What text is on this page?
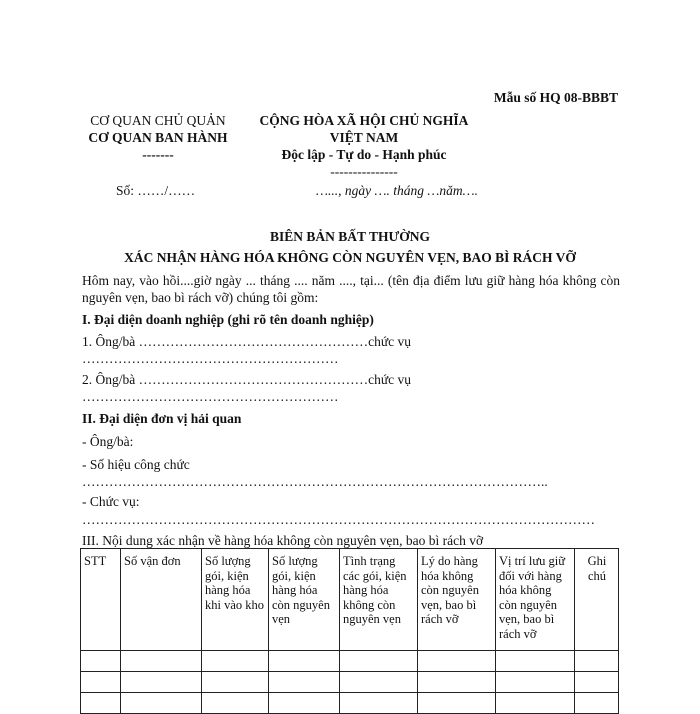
Mẫu số HQ 08-BBBT
CƠ QUAN CHỦ QUẢN
CƠ QUAN BAN HÀNH
-------
CỘNG HÒA XÃ HỘI CHỦ NGHĨA
VIỆT NAM
Độc lập - Tự do - Hạnh phúc
---------------
Số: ……/……	…..., ngày …. tháng …năm….
BIÊN BẢN BẤT THƯỜNG
XÁC NHẬN HÀNG HÓA KHÔNG CÒN NGUYÊN VẸN, BAO BÌ RÁCH VỠ
Hôm nay, vào hồi....giờ ngày ... tháng .... năm ...., tại... (tên địa điểm lưu giữ hàng hóa không còn nguyên vẹn, bao bì rách vỡ) chúng tôi gồm:
I. Đại diện doanh nghiệp (ghi rõ tên doanh nghiệp)
1. Ông/bà ……………………………………………chức vụ
…………………………………………………
2. Ông/bà ……………………………………………chức vụ
…………………………………………………
II. Đại diện đơn vị hải quan
- Ông/bà:
- Số hiệu công chức
…………………………………………………………………………………………..
- Chức vụ:
……………………………………………………………………………………………………
III. Nội dung xác nhận về hàng hóa không còn nguyên vẹn, bao bì rách vỡ
STT	Số vận đơn	Số lượng gói, kiện hàng hóa khi vào kho	Số lượng gói, kiện hàng hóa còn nguyên vẹn	Tình trạng các gói, kiện hàng hóa không còn nguyên vẹn	Lý do hàng hóa không còn nguyên vẹn, bao bì rách vỡ	Vị trí lưu giữ đối với hàng hóa không còn nguyên vẹn, bao bì rách vỡ	Ghi chú
